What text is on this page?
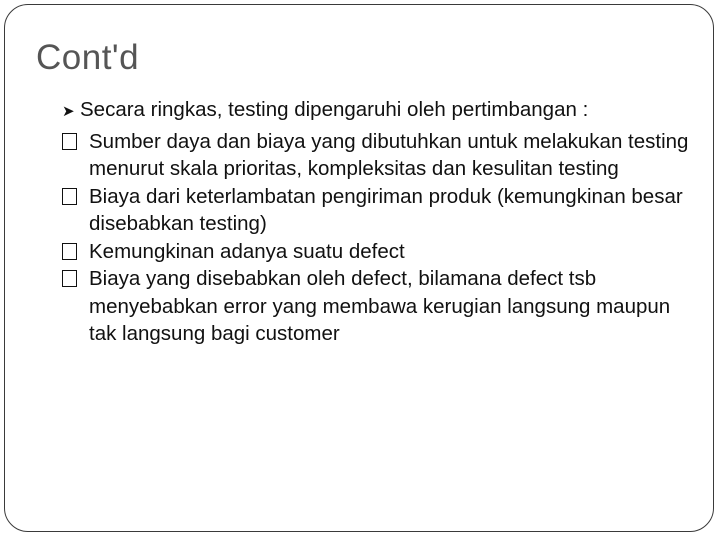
Cont'd
➤ Secara ringkas, testing dipengaruhi oleh pertimbangan :
Sumber daya dan biaya yang dibutuhkan untuk melakukan testing menurut skala prioritas, kompleksitas dan kesulitan testing
Biaya dari keterlambatan pengiriman produk (kemungkinan besar disebabkan testing)
Kemungkinan adanya suatu defect
Biaya yang disebabkan oleh defect, bilamana defect tsb menyebabkan error yang membawa kerugian langsung maupun tak langsung bagi customer
